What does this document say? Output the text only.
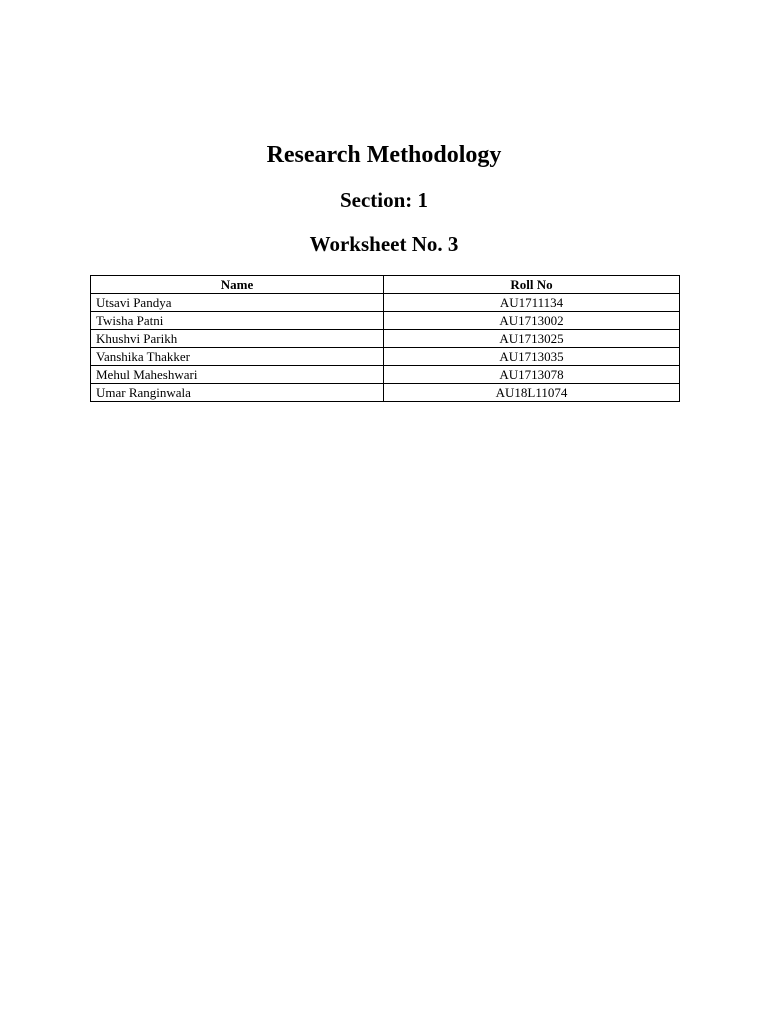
Research Methodology
Section: 1
Worksheet No. 3
Name	Roll No
Utsavi Pandya	AU1711134
Twisha Patni	AU1713002
Khushvi Parikh	AU1713025
Vanshika Thakker	AU1713035
Mehul Maheshwari	AU1713078
Umar Ranginwala	AU18L11074
